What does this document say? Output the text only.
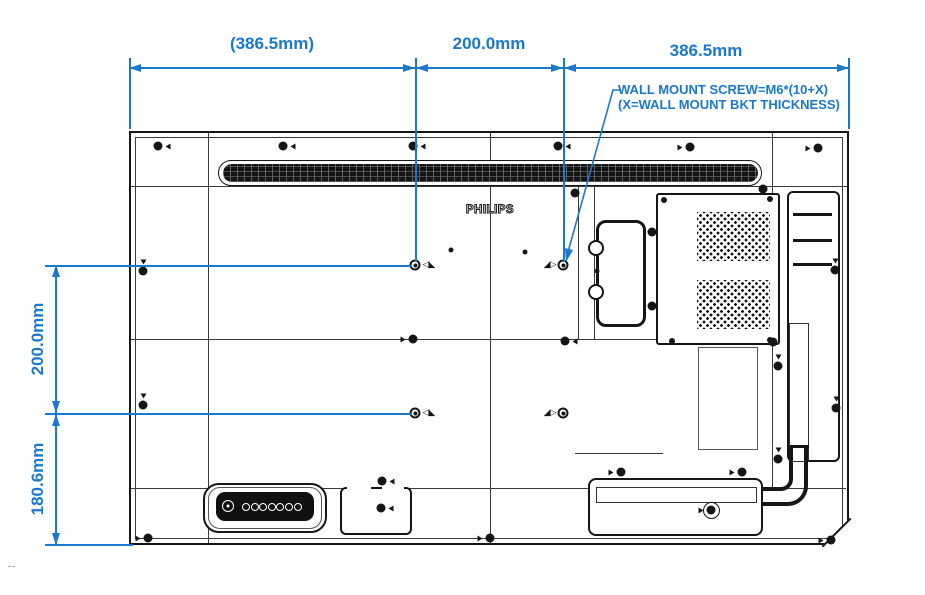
PHILIPS
◁◣	◢▷
◁◣	◢▷
(386.5mm)	200.0mm	386.5mm
200.0mm
180.6mm
WALL MOUNT SCREW=M6*(10+X)
(X=WALL MOUNT BKT THICKNESS)
--
